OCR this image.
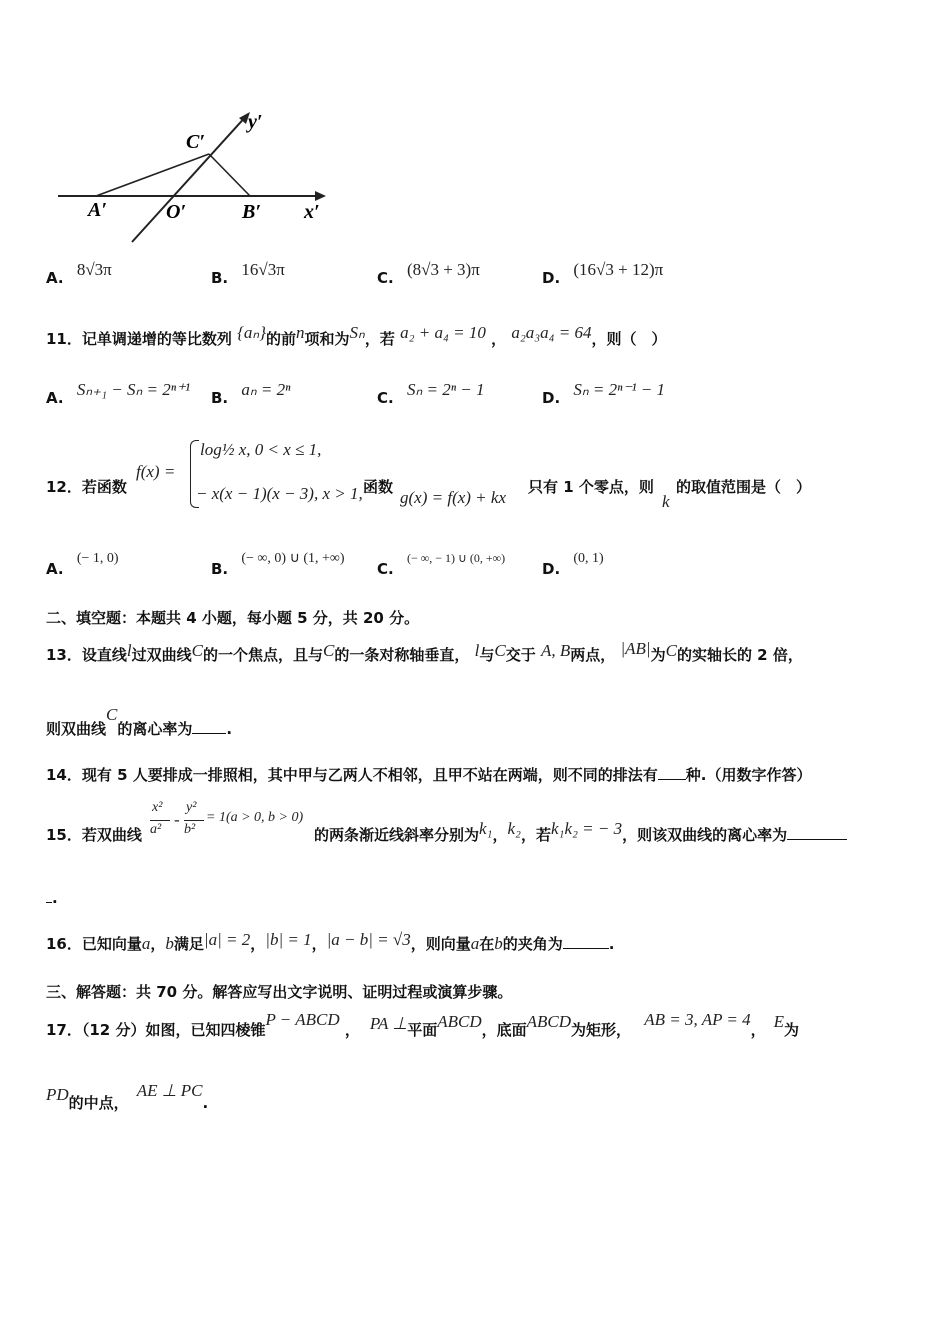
C′
y′
A′	O′	B′ x′
A. 8√3π	B. 16√3π	C. (8√3 + 3)π	D. (16√3 + 12)π
11．记单调递增的等比数列 {aₙ}的前n项和为Sₙ，若 a₂ + a₄ = 10 ， a₂a₃a₄ = 64，则（　）
A. Sₙ₊₁ − Sₙ = 2ⁿ⁺¹ B. aₙ = 2ⁿ	C. Sₙ = 2ⁿ − 1	D. Sₙ = 2ⁿ⁻¹ − 1
12．若函数
f(x) =
log½ x, 0 < x ≤ 1,
− x(x − 1)(x − 3), x > 1, 函数
g(x) = f(x) + kx
只有 1 个零点，则
k
的取值范围是（　）
A. (− 1, 0)
B. (− ∞, 0) ∪ (1, +∞)
C. $^{(- \infty, - 1) \cup (0, +\infty)}$
D. (0, 1)
二、填空题：本题共 4 小题，每小题 5 分，共 20 分。
13．设直线l过双曲线C的一个焦点，且与C的一条对称轴垂直， l与C交于 A, B两点， |AB|为C的实轴长的 2 倍，
则双曲线C的离心率为 .
14．现有 5 人要排成一排照相，其中甲与乙两人不相邻，且甲不站在两端，则不同的排法有 种.（用数字作答）
15．若双曲线
x²
a²
-
y²
b²
= 1(a > 0, b > 0)
的两条渐近线斜率分别为k₁，k₂，若k₁k₂ = − 3，则该双曲线的离心率为
.
16．已知向量a，b满足|a| = 2，|b| = 1，|a − b| = √3，则向量a在b的夹角为	.
三、解答题：共 70 分。解答应写出文字说明、证明过程或演算步骤。
17．（12 分）如图，已知四棱锥P − ABCD ， PA ⊥平面ABCD，底面ABCD为矩形， AB = 3, AP = 4， E为
PD的中点，AE ⊥ PC.
